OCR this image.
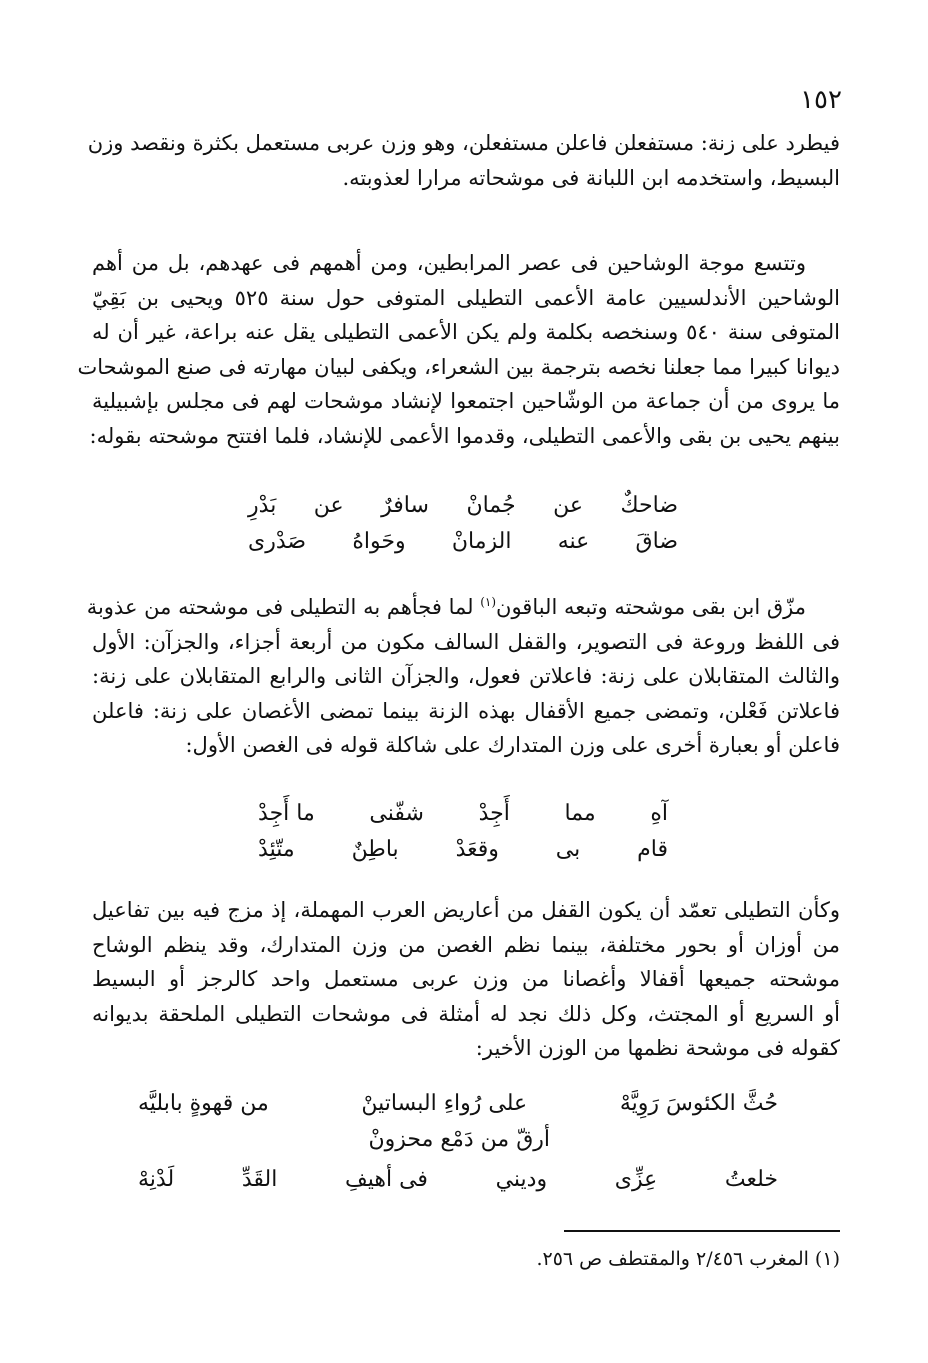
١٥٢

فيطرد على زنة: مستفعلن فاعلن مستفعلن، وهو وزن عربى مستعمل بكثرة ونقصد وزن
البسيط، واستخدمه ابن اللبانة فى موشحاته مرارا لعذوبته.

وتتسع موجة الوشاحين فى عصر المرابطين، ومن أهمهم فى عهدهم، بل من أهم
الوشاحين الأندلسيين عامة الأعمى التطيلى المتوفى حول سنة ٥٢٥ ويحيى بن بَقِيّ
المتوفى سنة ٥٤٠ وسنخصه بكلمة ولم يكن الأعمى التطيلى يقل عنه براعة، غير أن له
ديوانا كبيرا مما جعلنا نخصه بترجمة بين الشعراء، ويكفى لبيان مهارته فى صنع الموشحات
ما يروى من أن جماعة من الوشّاحين اجتمعوا لإنشاد موشحات لهم فى مجلس بإشبيلية
بينهم يحيى بن بقى والأعمى التطيلى، وقدموا الأعمى للإنشاد، فلما افتتح موشحته بقوله:

ضاحكٌ
عن
جُمانْ
سافرٌ
عن
بَدْرِ
ضاقَ
عنه
الزمانْ
وحَواهُ
صَدْرى

مزّق ابن بقى موشحته وتبعه الباقون$^{(١)}$ لما فجأهم به التطيلى فى موشحته من عذوبة
فى اللفظ وروعة فى التصوير، والقفل السالف مكون من أربعة أجزاء، والجزآن: الأول
والثالث المتقابلان على زنة: فاعلاتن فعول، والجزآن الثانى والرابع المتقابلان على زنة:
فاعلاتن فَعْلن، وتمضى جميع الأقفال بهذه الزنة بينما تمضى الأغصان على زنة: فاعلن
فاعلن أو بعبارة أخرى على وزن المتدارك على شاكلة قوله فى الغصن الأول:

آهِ
مما
أَجِدْ
شفّنى
ما أَجِدْ
قام
بى
وقعَدْ
باطِنٌ
متّئِدْ

وكأن التطيلى تعمّد أن يكون القفل من أعاريض العرب المهملة، إذ مزج فيه بين تفاعيل
من أوزان أو بحور مختلفة، بينما نظم الغصن من وزن المتدارك، وقد ينظم الوشاح
موشحته جميعها أقفالا وأغصانا من وزن عربى مستعمل واحد كالرجز أو البسيط
أو السريع أو المجتث، وكل ذلك نجد له أمثلة فى موشحات التطيلى الملحقة بديوانه
كقوله فى موشحة نظمها من الوزن الأخير:

حُثَّ الكئوسَ رَوِيَّهْ
على رُواءِ البساتينْ
من قهوةٍ بابليَّه
أرقّ من دَمْع محزونْ
خلعتُ
عِزِّى
وديني
فى أهيفِ
القَدِّ
لَدْنِهْ
(١) المغرب ٢/٤٥٦ والمقتطف ص ٢٥٦.
